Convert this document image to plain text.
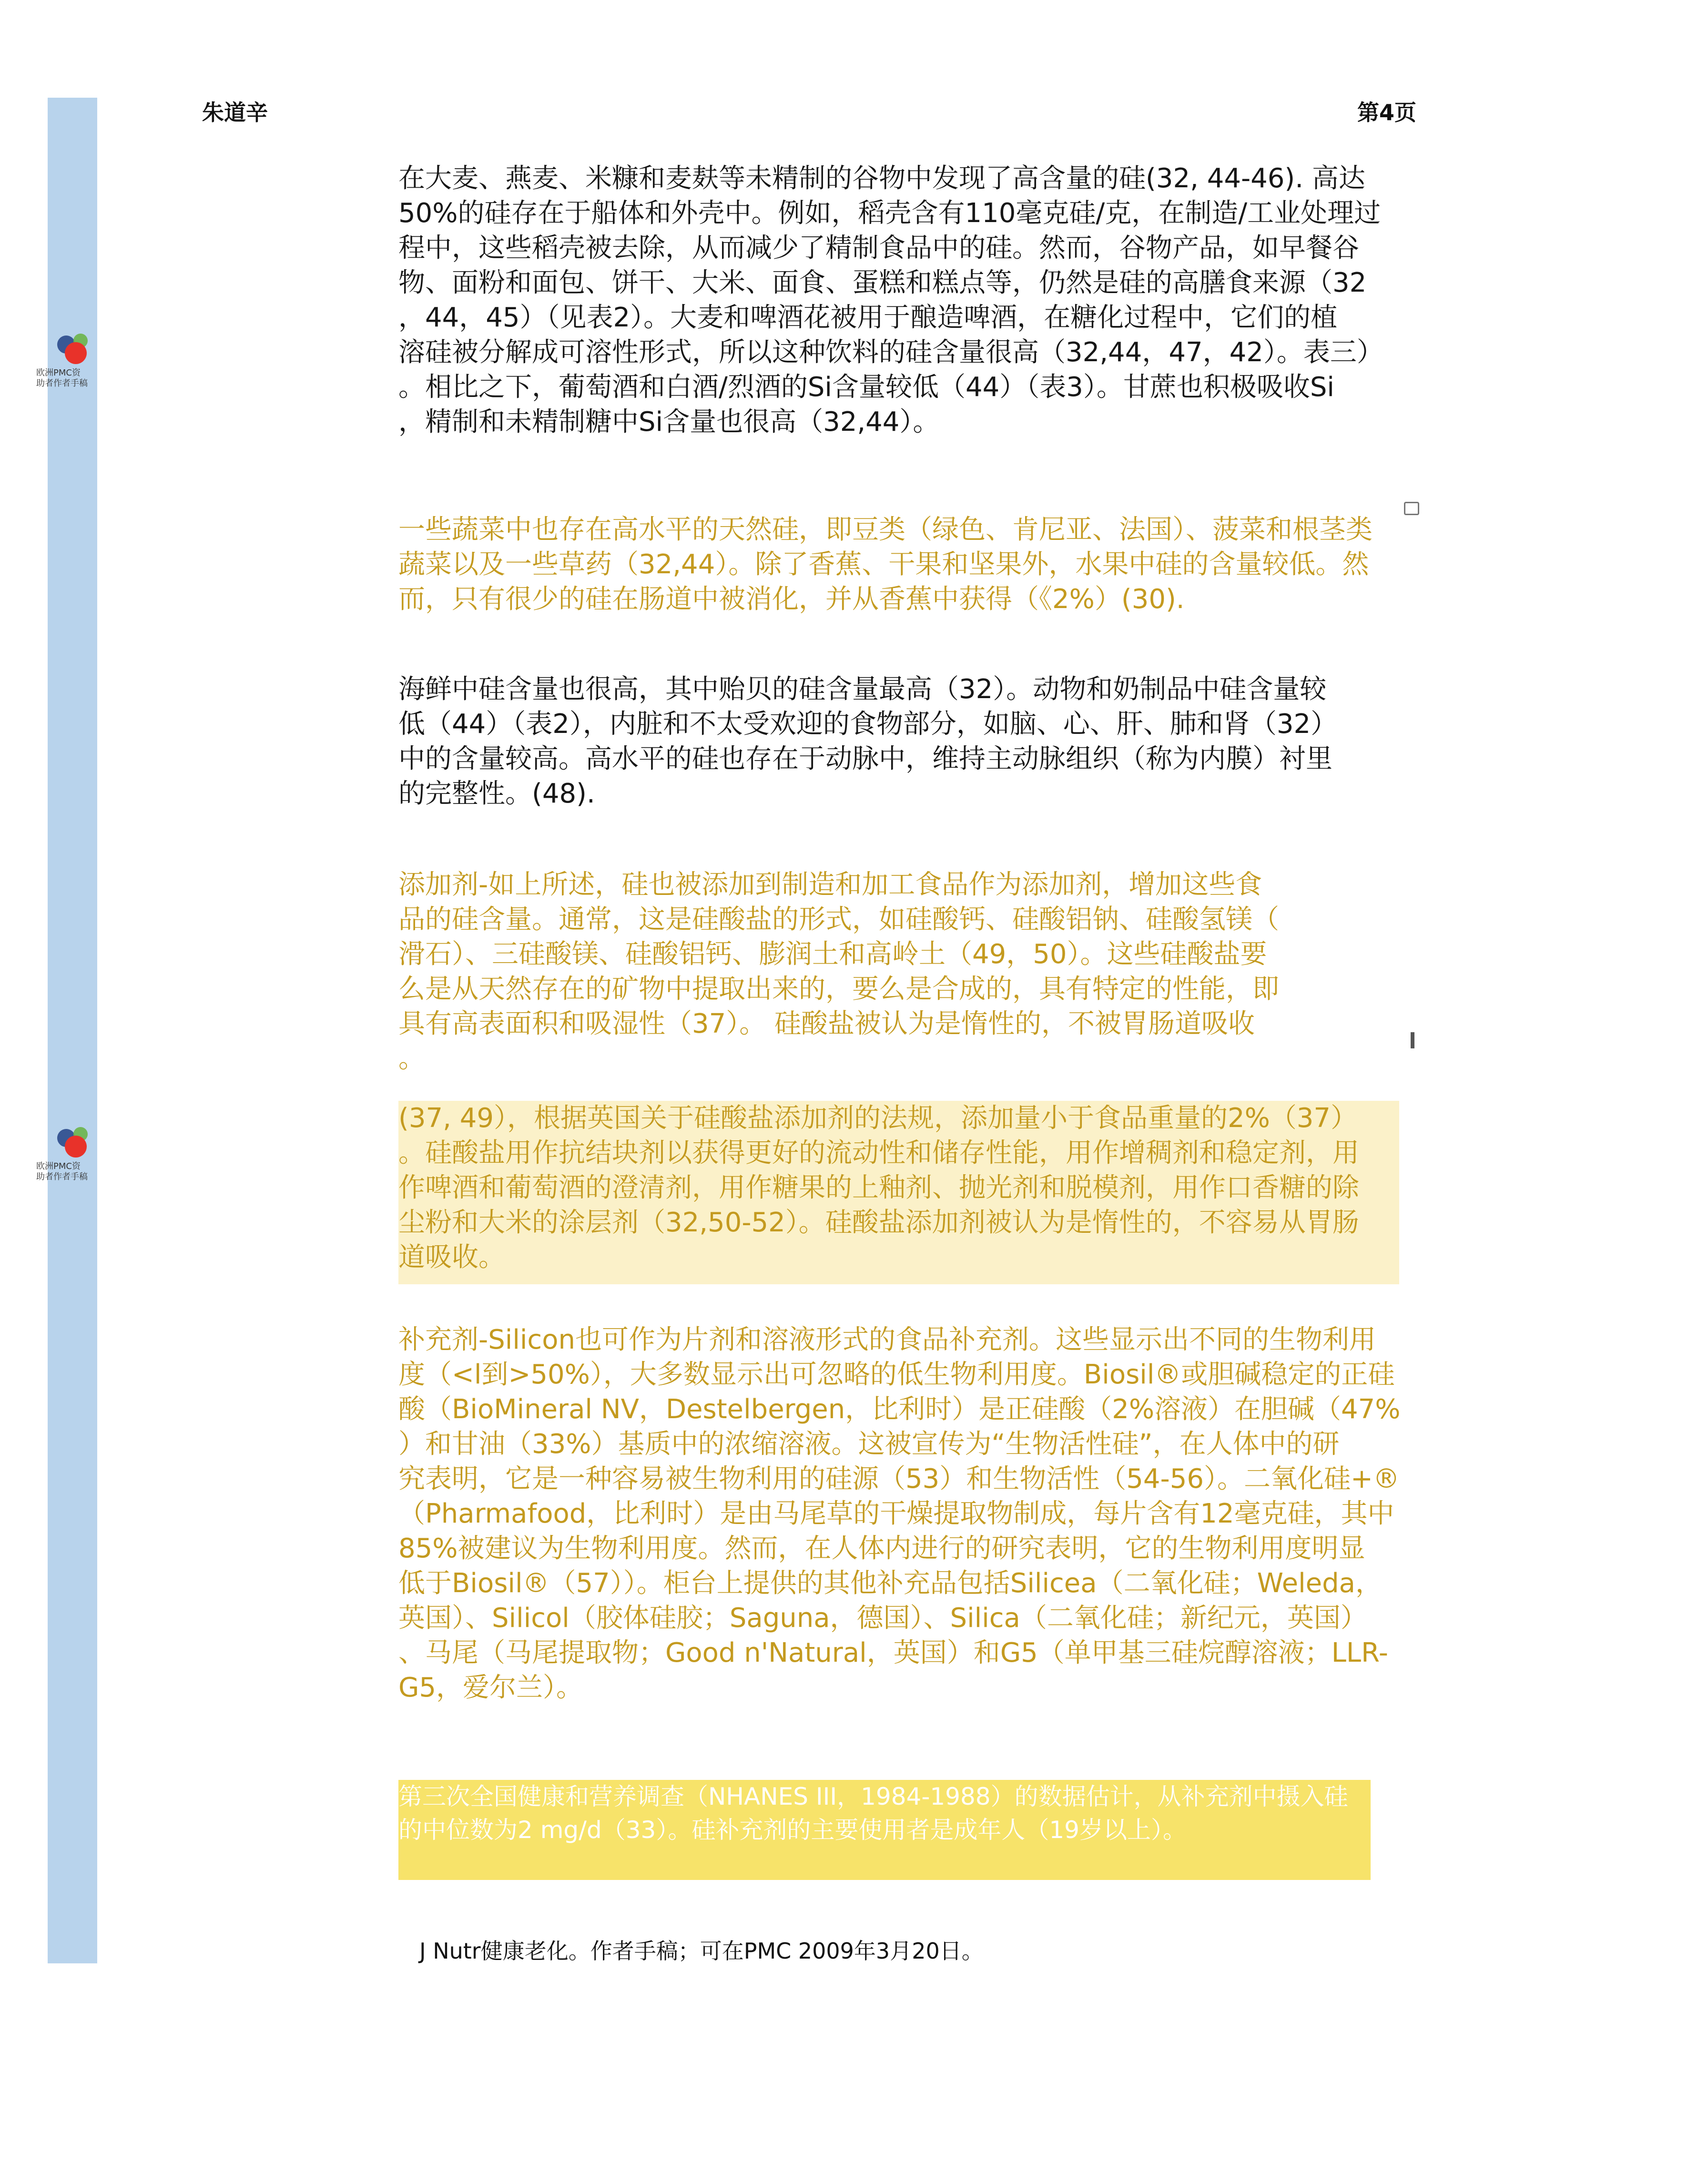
欧洲PMC资助者作者手稿
欧洲PMC资助者作者手稿
朱道辛	第4页

在大麦、燕麦、米糠和麦麸等未精制的谷物中发现了高含量的硅(32, 44-46). 高达
50%的硅存在于船体和外壳中。例如，稻壳含有110毫克硅/克，在制造/工业处理过
程中，这些稻壳被去除，从而减少了精制食品中的硅。然而，谷物产品，如早餐谷
物、面粉和面包、饼干、大米、面食、蛋糕和糕点等，仍然是硅的高膳食来源（32
，44，45）（见表2）。大麦和啤酒花被用于酿造啤酒，在糖化过程中，它们的植
溶硅被分解成可溶性形式，所以这种饮料的硅含量很高（32,44，47，42）。表三）
。相比之下，葡萄酒和白酒/烈酒的Si含量较低（44）（表3）。甘蔗也积极吸收Si
，精制和未精制糖中Si含量也很高（32,44）。

一些蔬菜中也存在高水平的天然硅，即豆类（绿色、肯尼亚、法国）、菠菜和根茎类
蔬菜以及一些草药（32,44）。除了香蕉、干果和坚果外，水果中硅的含量较低。然
而，只有很少的硅在肠道中被消化，并从香蕉中获得（《2%）(30).

海鲜中硅含量也很高，其中贻贝的硅含量最高（32）。动物和奶制品中硅含量较
低（44）（表2），内脏和不太受欢迎的食物部分，如脑、心、肝、肺和肾（32）
中的含量较高。高水平的硅也存在于动脉中，维持主动脉组织（称为内膜）衬里
的完整性。(48).

添加剂-如上所述，硅也被添加到制造和加工食品作为添加剂，增加这些食
品的硅含量。通常，这是硅酸盐的形式，如硅酸钙、硅酸铝钠、硅酸氢镁（
滑石）、三硅酸镁、硅酸铝钙、膨润土和高岭土（49，50）。这些硅酸盐要
么是从天然存在的矿物中提取出来的，要么是合成的，具有特定的性能，即
具有高表面积和吸湿性（37）。 硅酸盐被认为是惰性的，不被胃肠道吸收
。

(37, 49），根据英国关于硅酸盐添加剂的法规，添加量小于食品重量的2%（37）
。硅酸盐用作抗结块剂以获得更好的流动性和储存性能，用作增稠剂和稳定剂，用
作啤酒和葡萄酒的澄清剂，用作糖果的上釉剂、抛光剂和脱模剂，用作口香糖的除
尘粉和大米的涂层剂（32,50-52）。硅酸盐添加剂被认为是惰性的，不容易从胃肠
道吸收。

补充剂-Silicon也可作为片剂和溶液形式的食品补充剂。这些显示出不同的生物利用
度（<l到>50%），大多数显示出可忽略的低生物利用度。Biosil®或胆碱稳定的正硅
酸（BioMineral NV，Destelbergen，比利时）是正硅酸（2%溶液）在胆碱（47%
）和甘油（33%）基质中的浓缩溶液。这被宣传为“生物活性硅”，在人体中的研
究表明，它是一种容易被生物利用的硅源（53）和生物活性（54-56）。二氧化硅+®
（Pharmafood，比利时）是由马尾草的干燥提取物制成，每片含有12毫克硅，其中
85%被建议为生物利用度。然而，在人体内进行的研究表明，它的生物利用度明显
低于Biosil®（57））。柜台上提供的其他补充品包括Silicea（二氧化硅；Weleda，
英国）、Silicol（胶体硅胶；Saguna，德国）、Silica（二氧化硅；新纪元，英国）
、马尾（马尾提取物；Good n'Natural，英国）和G5（单甲基三硅烷醇溶液；LLR-
G5，爱尔兰）。

第三次全国健康和营养调查（NHANES III，1984-1988）的数据估计，从补充剂中摄入硅
的中位数为2 mg/d（33）。硅补充剂的主要使用者是成年人（19岁以上）。

J Nutr健康老化。作者手稿；可在PMC 2009年3月20日。
